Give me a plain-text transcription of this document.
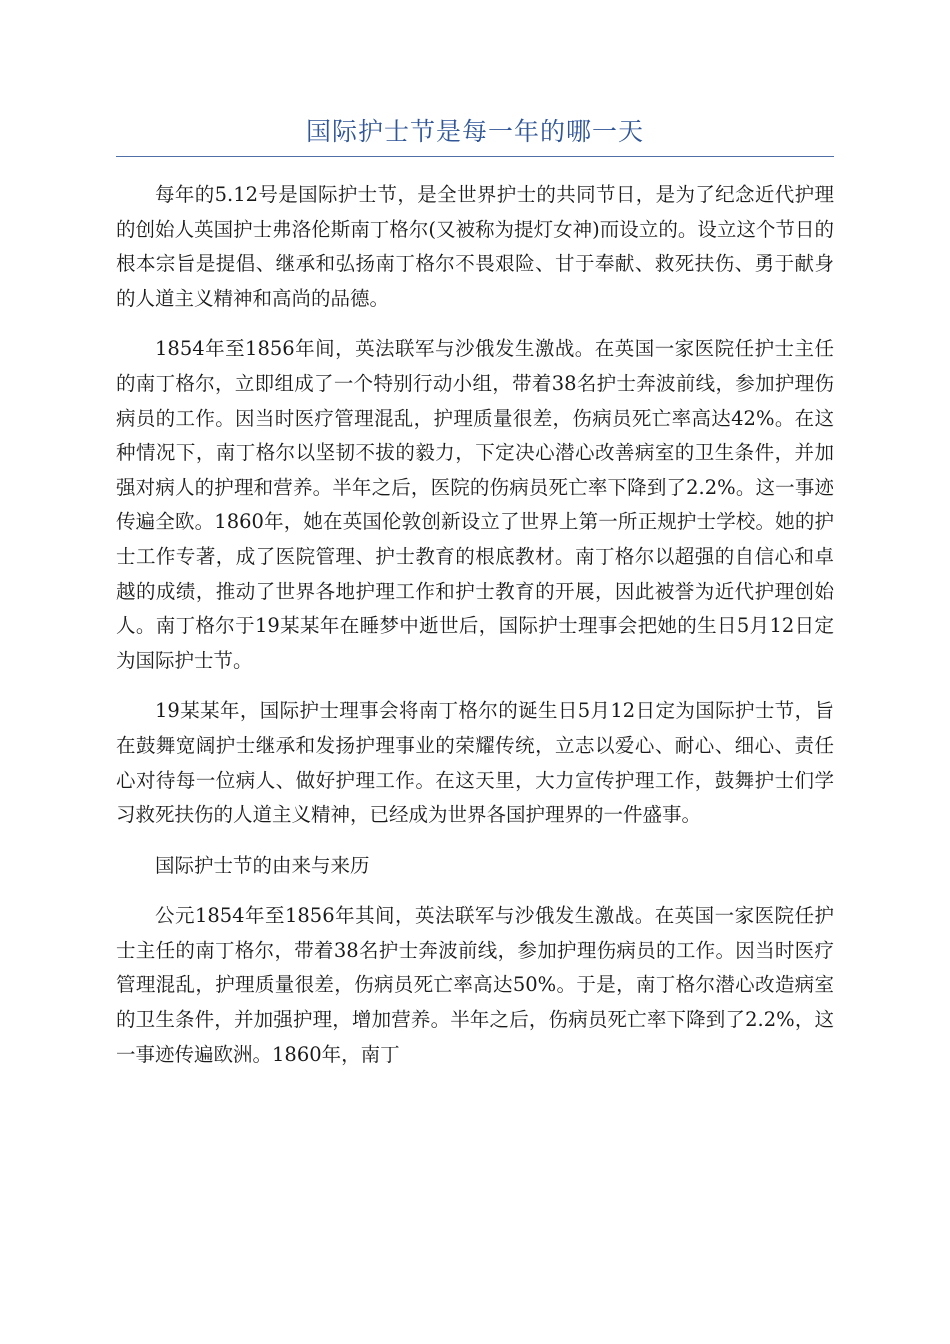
国际护士节是每一年的哪一天

每年的5.12号是国际护士节，是全世界护士的共同节日，是为了纪念近代护理的创始人英国护士弗洛伦斯南丁格尔(又被称为提灯女神)而设立的。设立这个节日的根本宗旨是提倡、继承和弘扬南丁格尔不畏艰险、甘于奉献、救死扶伤、勇于献身的人道主义精神和高尚的品德。

1854年至1856年间，英法联军与沙俄发生激战。在英国一家医院任护士主任的南丁格尔，立即组成了一个特别行动小组，带着38名护士奔波前线，参加护理伤病员的工作。因当时医疗管理混乱，护理质量很差，伤病员死亡率高达42%。在这种情况下，南丁格尔以坚韧不拔的毅力，下定决心潜心改善病室的卫生条件，并加强对病人的护理和营养。半年之后，医院的伤病员死亡率下降到了2.2%。这一事迹传遍全欧。1860年，她在英国伦敦创新设立了世界上第一所正规护士学校。她的护士工作专著，成了医院管理、护士教育的根底教材。南丁格尔以超强的自信心和卓越的成绩，推动了世界各地护理工作和护士教育的开展，因此被誉为近代护理创始人。南丁格尔于19某某年在睡梦中逝世后，国际护士理事会把她的生日5月12日定为国际护士节。

19某某年，国际护士理事会将南丁格尔的诞生日5月12日定为国际护士节，旨在鼓舞宽阔护士继承和发扬护理事业的荣耀传统，立志以爱心、耐心、细心、责任心对待每一位病人、做好护理工作。在这天里，大力宣传护理工作，鼓舞护士们学习救死扶伤的人道主义精神，已经成为世界各国护理界的一件盛事。

国际护士节的由来与来历

公元1854年至1856年其间，英法联军与沙俄发生激战。在英国一家医院任护士主任的南丁格尔，带着38名护士奔波前线，参加护理伤病员的工作。因当时医疗管理混乱，护理质量很差，伤病员死亡率高达50%。于是，南丁格尔潜心改造病室的卫生条件，并加强护理，增加营养。半年之后，伤病员死亡率下降到了2.2%，这一事迹传遍欧洲。1860年，南丁
